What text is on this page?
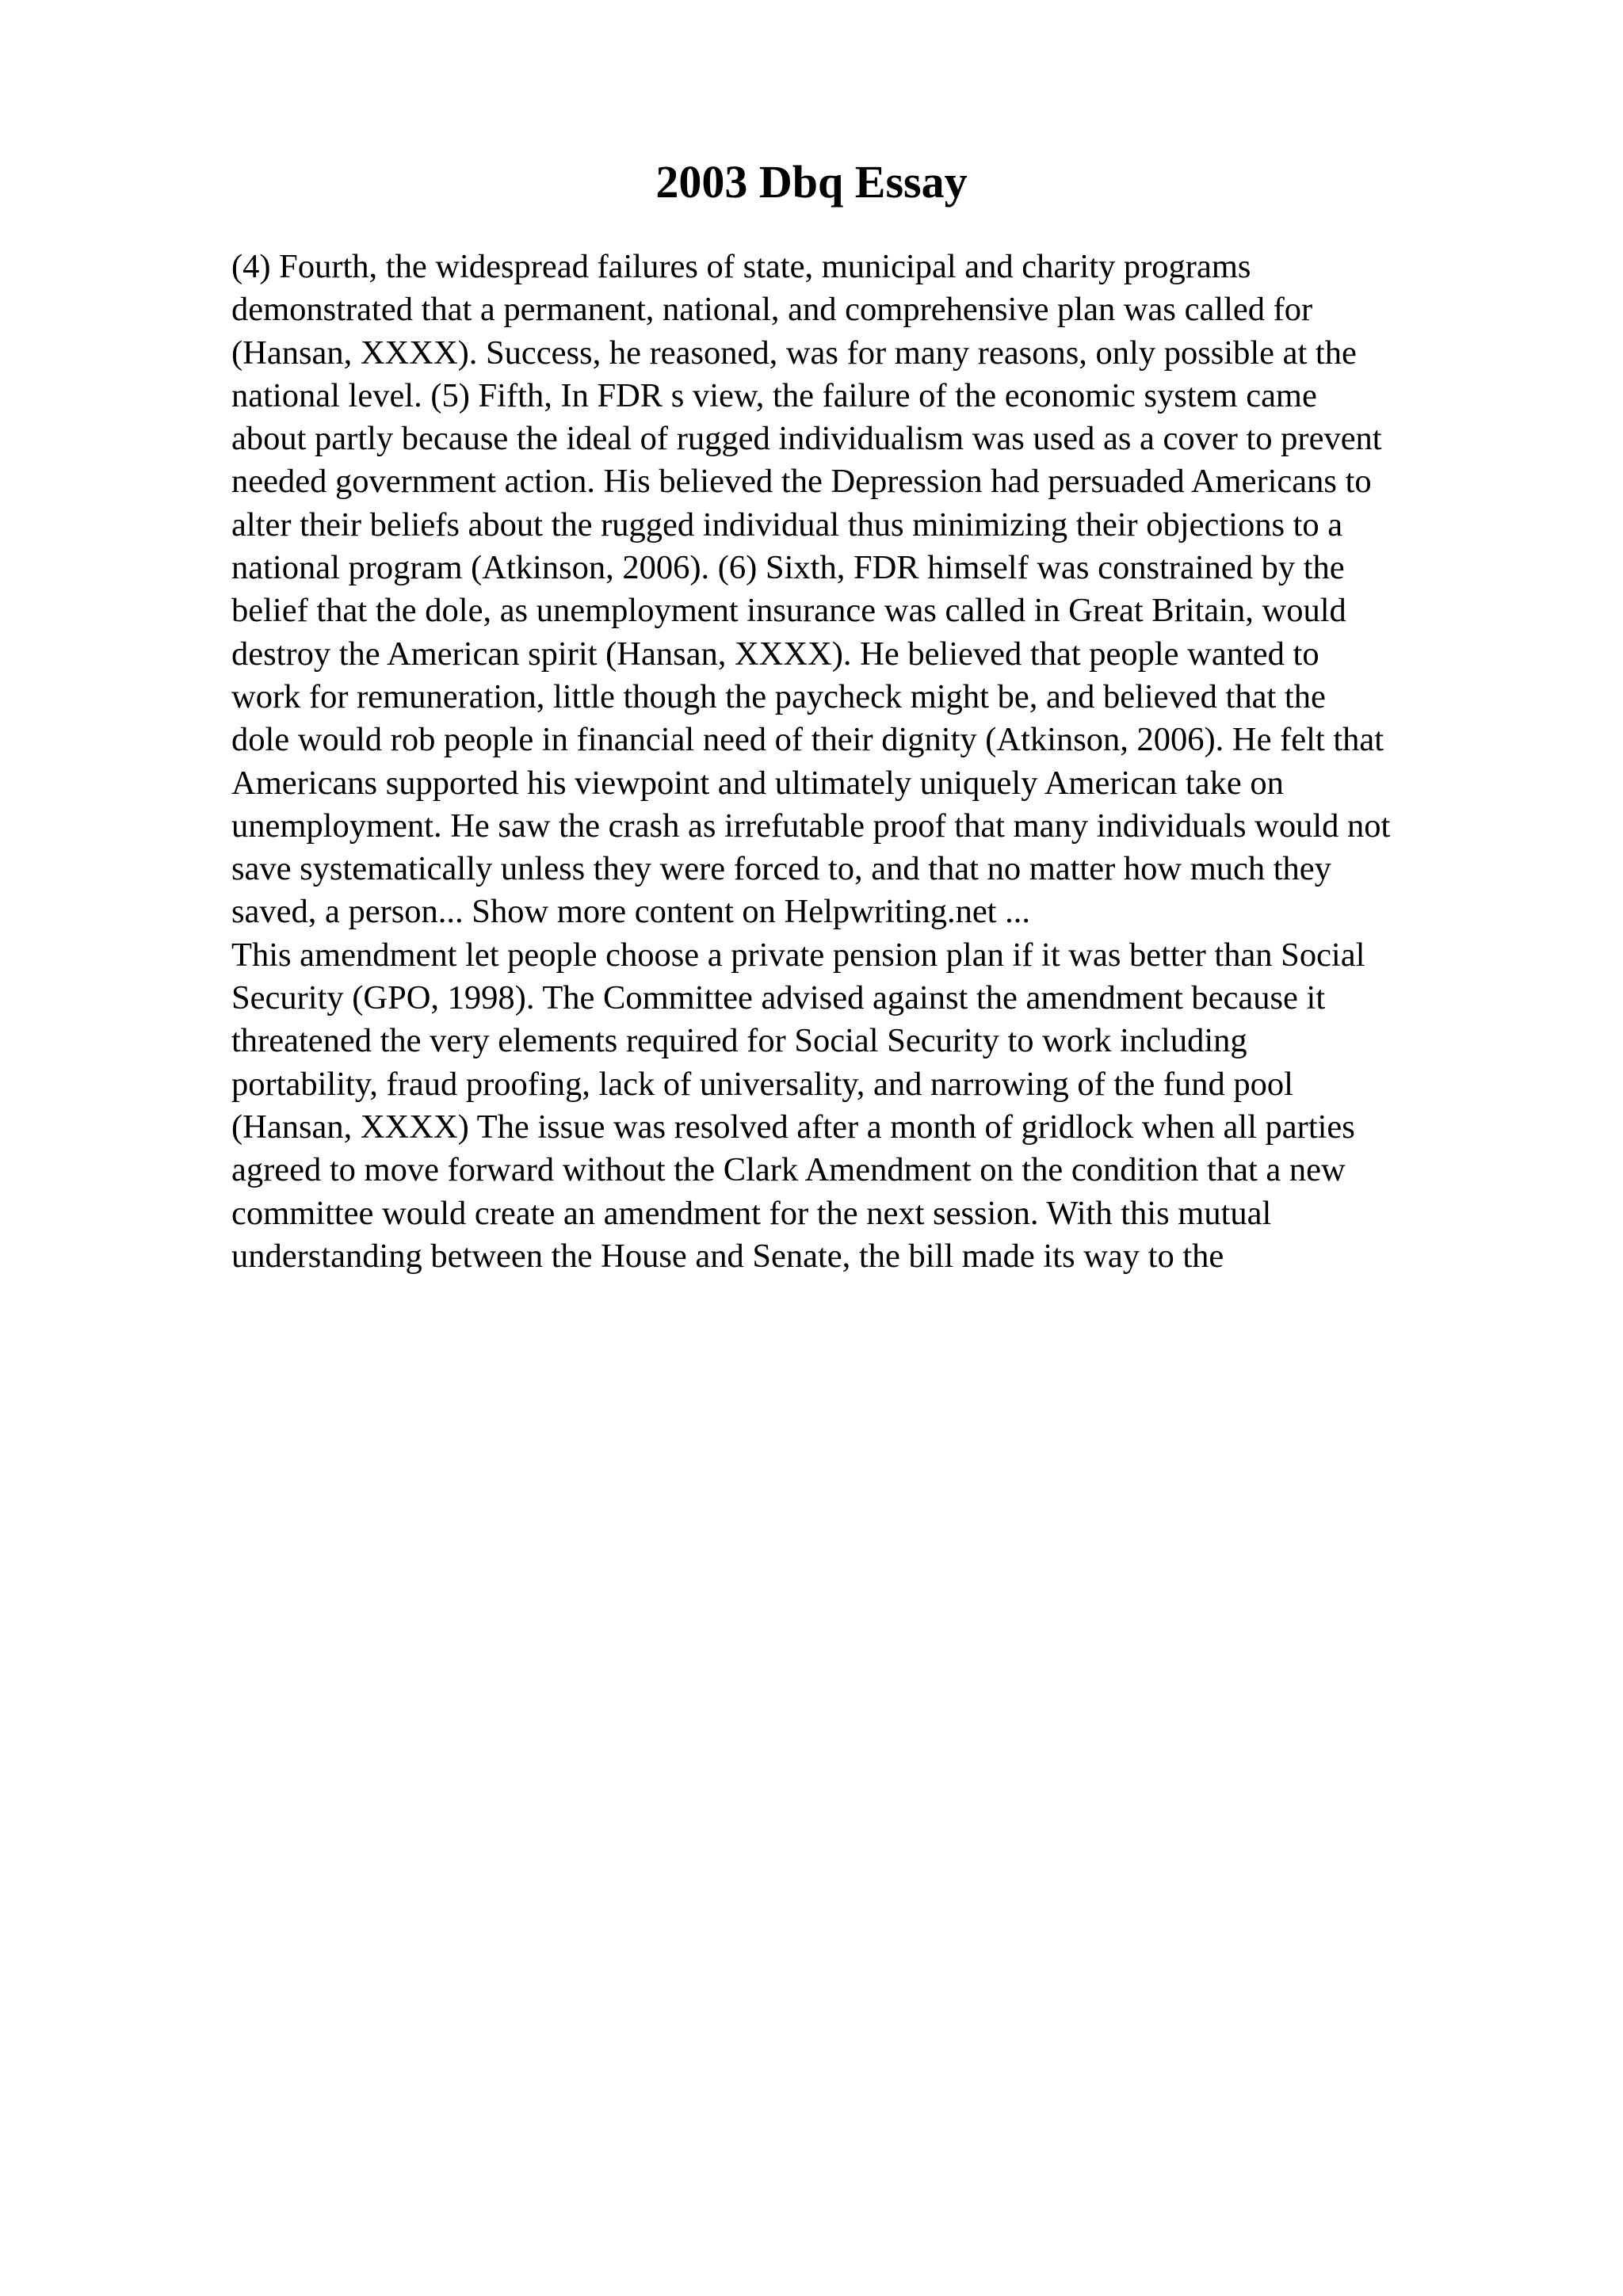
2003 Dbq Essay
(4) Fourth, the widespread failures of state, municipal and charity programs
demonstrated that a permanent, national, and comprehensive plan was called for
(Hansan, XXXX). Success, he reasoned, was for many reasons, only possible at the
national level. (5) Fifth, In FDR s view, the failure of the economic system came
about partly because the ideal of rugged individualism was used as a cover to prevent
needed government action. His believed the Depression had persuaded Americans to
alter their beliefs about the rugged individual thus minimizing their objections to a
national program (Atkinson, 2006). (6) Sixth, FDR himself was constrained by the
belief that the dole, as unemployment insurance was called in Great Britain, would
destroy the American spirit (Hansan, XXXX). He believed that people wanted to
work for remuneration, little though the paycheck might be, and believed that the
dole would rob people in financial need of their dignity (Atkinson, 2006). He felt that
Americans supported his viewpoint and ultimately uniquely American take on
unemployment. He saw the crash as irrefutable proof that many individuals would not
save systematically unless they were forced to, and that no matter how much they
saved, a person... Show more content on Helpwriting.net ...
This amendment let people choose a private pension plan if it was better than Social
Security (GPO, 1998). The Committee advised against the amendment because it
threatened the very elements required for Social Security to work including
portability, fraud proofing, lack of universality, and narrowing of the fund pool
(Hansan, XXXX) The issue was resolved after a month of gridlock when all parties
agreed to move forward without the Clark Amendment on the condition that a new
committee would create an amendment for the next session. With this mutual
understanding between the House and Senate, the bill made its way to the
